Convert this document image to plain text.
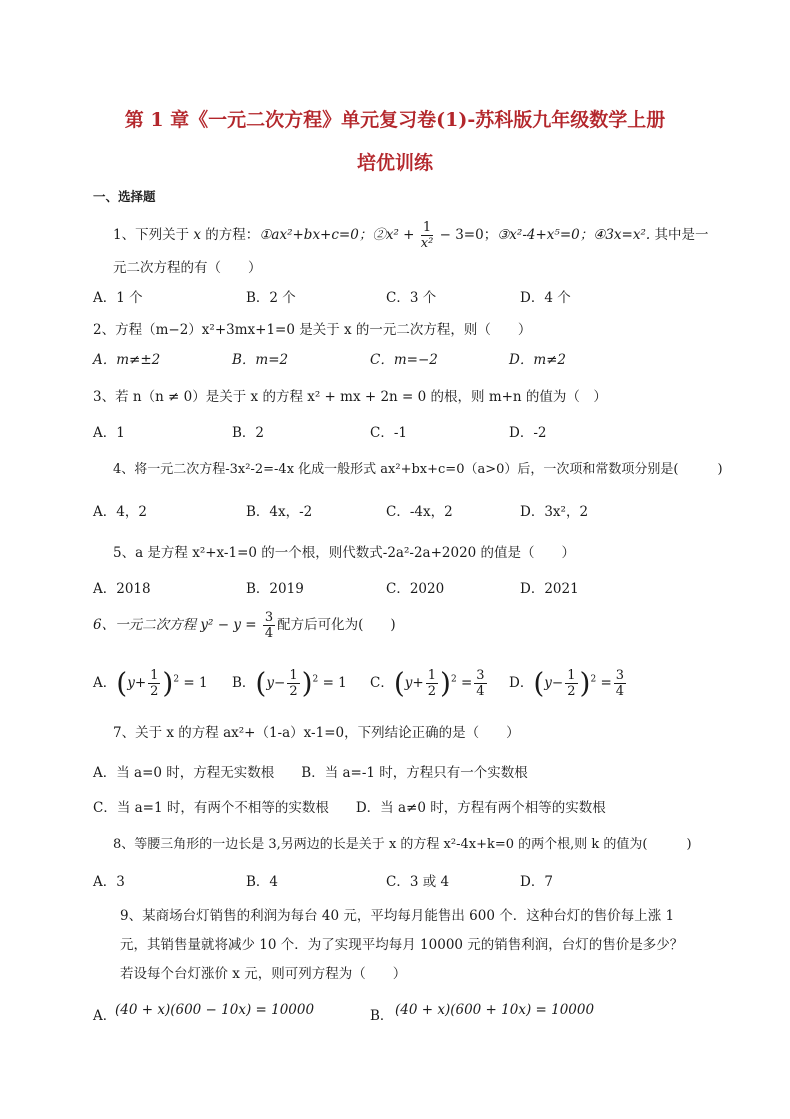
第 1 章《一元二次方程》单元复习卷(1)-苏科版九年级数学上册
培优训练
一、选择题
1、下列关于 x 的方程：①ax²+bx+c=0；②x² + $\frac{1}{\text{x²}} - 3=0$；③x²-4+x⁵=0；④3x=x². 其中是一
元二次方程的有（　　）
A．1 个	B．2 个	C．3 个	D．4 个
2、方程（m−2）x²+3mx+1=0 是关于 x 的一元二次方程，则（　　）
A．m≠±2	B．m=2	C．m=−2	D．m≠2
3、若 n（n ≠ 0）是关于 x 的方程 x² + mx + 2n = 0 的根，则 m+n 的值为（　）
A．1	B．2	C．-1	D．-2
4、将一元二次方程-3x²-2=-4x 化成一般形式 ax²+bx+c=0（a>0）后，一次项和常数项分别是(　　　)
A．4，2	B．4x，-2	C．-4x，2	D．3x²，2
5、a 是方程 x²+x-1=0 的一个根，则代数式-2a²-2a+2020 的值是（　　）
A．2018	B．2019	C．2020	D．2021
6、一元二次方程 $y^2 - y = \frac{3}{4}$ 配方后可化为(　　)
A．$(y+ \frac{1}{2} )^2 = 1$ B．$(y- \frac{1}{2} )^2 = 1$ C．$(y+ \frac{1}{2} )^2 = \frac{3}{4}$ D．$(y- \frac{1}{2} )^2 = \frac{3}{4}$
7、关于 x 的方程 ax²+（1-a）x-1=0，下列结论正确的是（　　）
A．当 a=0 时，方程无实数根　　B．当 a=-1 时，方程只有一个实数根
C．当 a=1 时，有两个不相等的实数根　　D．当 a≠0 时，方程有两个相等的实数根
8、等腰三角形的一边长是 3,另两边的长是关于 x 的方程 x²-4x+k=0 的两个根,则 k 的值为(　　　)
A．3	B．4	C．3 或 4	D．7
9、某商场台灯销售的利润为每台 40 元，平均每月能售出 600 个．这种台灯的售价每上涨 1
元，其销售量就将减少 10 个．为了实现平均每月 10000 元的销售利润，台灯的售价是多少？
若设每个台灯涨价 x 元，则可列方程为（　　）
A．
(40 + x)(600 − 10x) = 10000	B． (40 + x)(600 + 10x) = 10000
